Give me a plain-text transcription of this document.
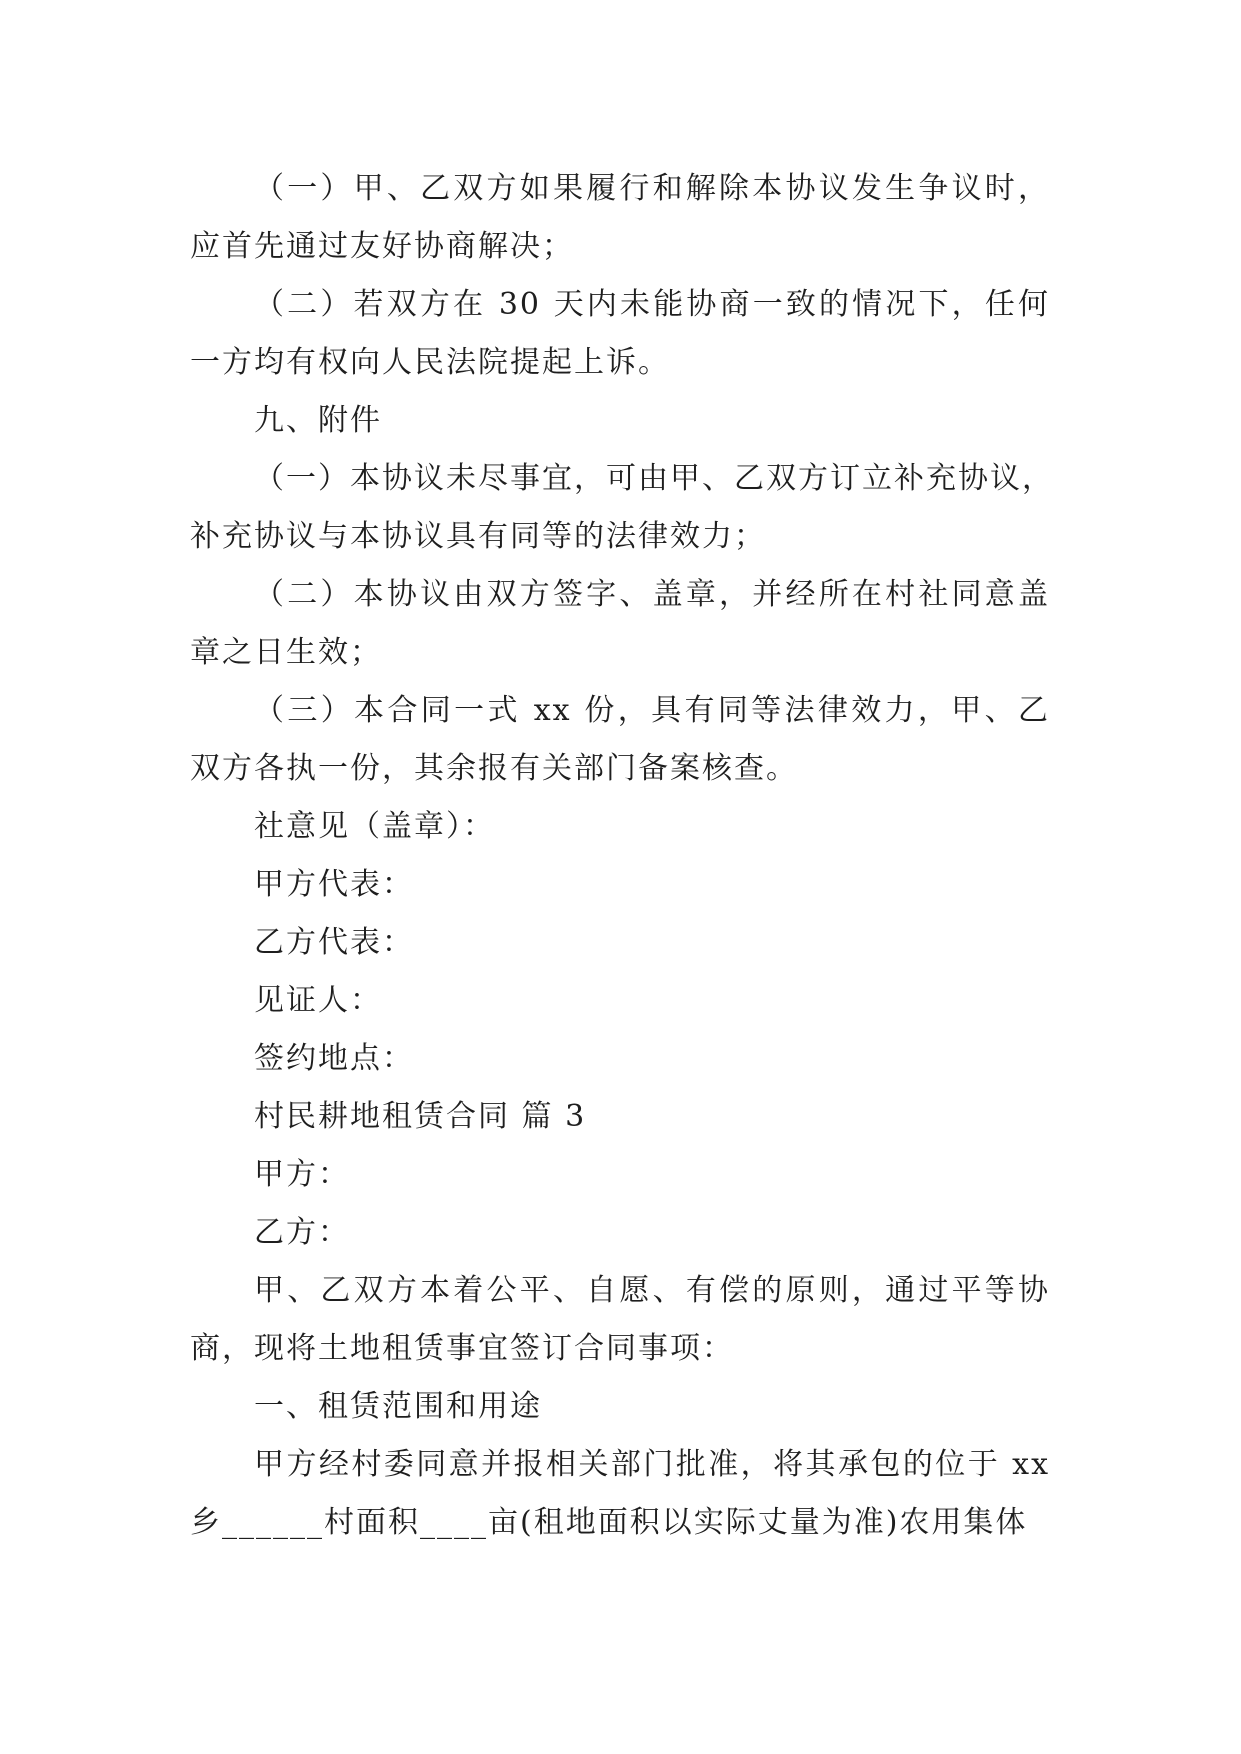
（一）甲、乙双方如果履行和解除本协议发生争议时，
应首先通过友好协商解决；
（二）若双方在 30 天内未能协商一致的情况下，任何
一方均有权向人民法院提起上诉。
九、附件
（一）本协议未尽事宜，可由甲、乙双方订立补充协议，
补充协议与本协议具有同等的法律效力；
（二）本协议由双方签字、盖章，并经所在村社同意盖
章之日生效；
（三）本合同一式 xx 份，具有同等法律效力，甲、乙
双方各执一份，其余报有关部门备案核查。
社意见（盖章）：
甲方代表：
乙方代表：
见证人：
签约地点：
村民耕地租赁合同 篇 3
甲方：
乙方：
甲、乙双方本着公平、自愿、有偿的原则，通过平等协
商，现将土地租赁事宜签订合同事项：
一、租赁范围和用途
甲方经村委同意并报相关部门批准，将其承包的位于 xx
乡______村面积____亩(租地面积以实际丈量为准)农用集体
